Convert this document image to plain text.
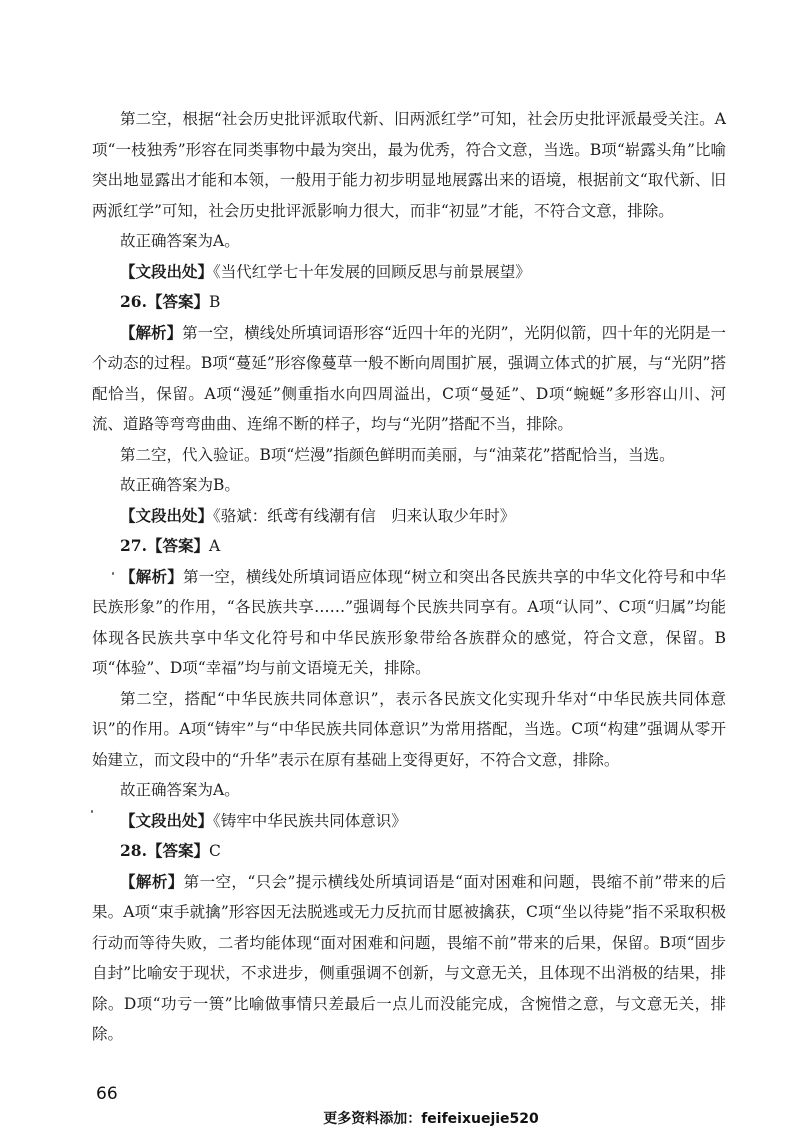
第二空，根据“社会历史批评派取代新、旧两派红学”可知，社会历史批评派最受关注。A项“一枝独秀”形容在同类事物中最为突出，最为优秀，符合文意，当选。B项“崭露头角”比喻突出地显露出才能和本领，一般用于能力初步明显地展露出来的语境，根据前文“取代新、旧两派红学”可知，社会历史批评派影响力很大，而非“初显”才能，不符合文意，排除。

故正确答案为A。

【文段出处】《当代红学七十年发展的回顾反思与前景展望》

26.【答案】B

【解析】第一空，横线处所填词语形容“近四十年的光阴”，光阴似箭，四十年的光阴是一个动态的过程。B项“蔓延”形容像蔓草一般不断向周围扩展，强调立体式的扩展，与“光阴”搭配恰当，保留。A项“漫延”侧重指水向四周溢出，C项“曼延”、D项“蜿蜒”多形容山川、河流、道路等弯弯曲曲、连绵不断的样子，均与“光阴”搭配不当，排除。

第二空，代入验证。B项“烂漫”指颜色鲜明而美丽，与“油菜花”搭配恰当，当选。

故正确答案为B。

【文段出处】《骆斌：纸鸢有线潮有信　归来认取少年时》

27.【答案】A

【解析】第一空，横线处所填词语应体现“树立和突出各民族共享的中华文化符号和中华民族形象”的作用，“各民族共享……”强调每个民族共同享有。A项“认同”、C项“归属”均能体现各民族共享中华文化符号和中华民族形象带给各族群众的感觉，符合文意，保留。B项“体验”、D项“幸福”均与前文语境无关，排除。

第二空，搭配“中华民族共同体意识”，表示各民族文化实现升华对“中华民族共同体意识”的作用。A项“铸牢”与“中华民族共同体意识”为常用搭配，当选。C项“构建”强调从零开始建立，而文段中的“升华”表示在原有基础上变得更好，不符合文意，排除。

故正确答案为A。

【文段出处】《铸牢中华民族共同体意识》

28.【答案】C

【解析】第一空，“只会”提示横线处所填词语是“面对困难和问题，畏缩不前”带来的后果。A项“束手就擒”形容因无法脱逃或无力反抗而甘愿被擒获，C项“坐以待毙”指不采取积极行动而等待失败，二者均能体现“面对困难和问题，畏缩不前”带来的后果，保留。B项“固步自封”比喻安于现状，不求进步，侧重强调不创新，与文意无关，且体现不出消极的结果，排除。D项“功亏一篑”比喻做事情只差最后一点儿而没能完成，含惋惜之意，与文意无关，排除。

66
更多资料添加：feifeixuejie520
